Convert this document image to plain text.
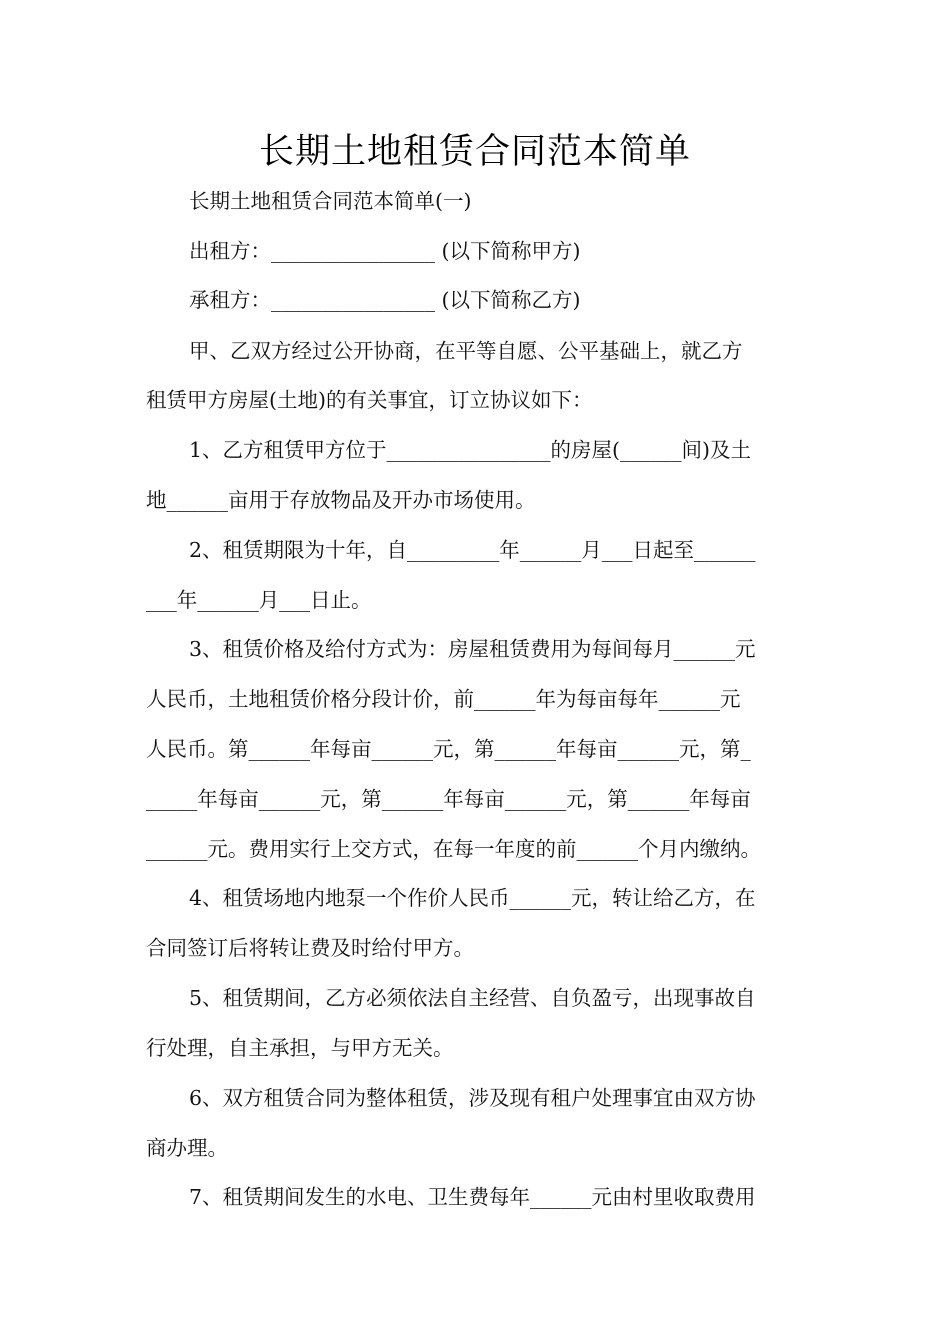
长期土地租赁合同范本简单
长期土地租赁合同范本简单(一)
出租方：________________ (以下简称甲方)
承租方：________________ (以下简称乙方)
甲、乙双方经过公开协商，在平等自愿、公平基础上，就乙方
租赁甲方房屋(土地)的有关事宜，订立协议如下：
1、乙方租赁甲方位于________________的房屋(______间)及土
地______亩用于存放物品及开办市场使用。
2、租赁期限为十年，自_________年______月___日起至______
___年______月___日止。
3、租赁价格及给付方式为：房屋租赁费用为每间每月______元
人民币，土地租赁价格分段计价，前______年为每亩每年______元
人民币。第______年每亩______元，第______年每亩______元，第_
_____年每亩______元，第______年每亩______元，第______年每亩
______元。费用实行上交方式，在每一年度的前______个月内缴纳。
4、租赁场地内地泵一个作价人民币______元，转让给乙方，在
合同签订后将转让费及时给付甲方。
5、租赁期间，乙方必须依法自主经营、自负盈亏，出现事故自
行处理，自主承担，与甲方无关。
6、双方租赁合同为整体租赁，涉及现有租户处理事宜由双方协
商办理。
7、租赁期间发生的水电、卫生费每年______元由村里收取费用
